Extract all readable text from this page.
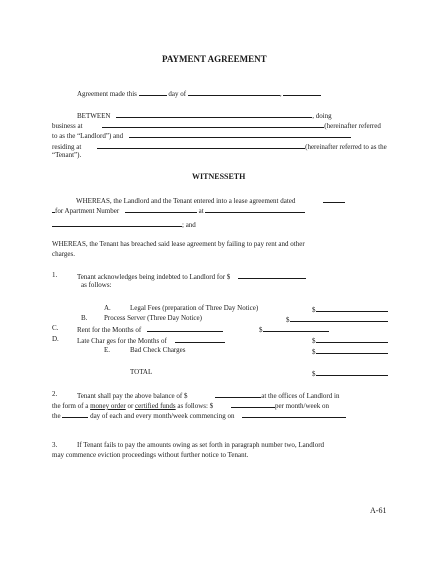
PAYMENT AGREEMENT
Agreement made this	day of	,
BETWEEN	, doing
business at	(hereinafter referred
to as the “Landlord”) and
residing at	(hereinafter referred to as the
“Tenant”).
WITNESSETH
WHEREAS, the Landlord and the Tenant entered into a lease agreement dated
for Apartment Number	at
; and
WHEREAS, the Tenant has breached said lease agreement by failing to pay rent and other
charges.
1.	Tenant acknowledges being indebted to Landlord for $
as follows:
A.	Legal Fees (preparation of Three Day Notice)	$
B. Process Server (Three Day Notice)	$
C.	Rent for the Months of	$
D.	Late Char ges for the Months of	$
E.	Bad Check Charges	$
TOTAL	$
2.	Tenant shall pay the above balance of $	at the offices of Landlord in
the form of a money order or certified funds as follows: $	per month/week on
the	day of each and every month/week commencing on
3.	If Tenant fails to pay the amounts owing as set forth in paragraph number two, Landlord
may commence eviction proceedings without further notice to Tenant.
A-61
